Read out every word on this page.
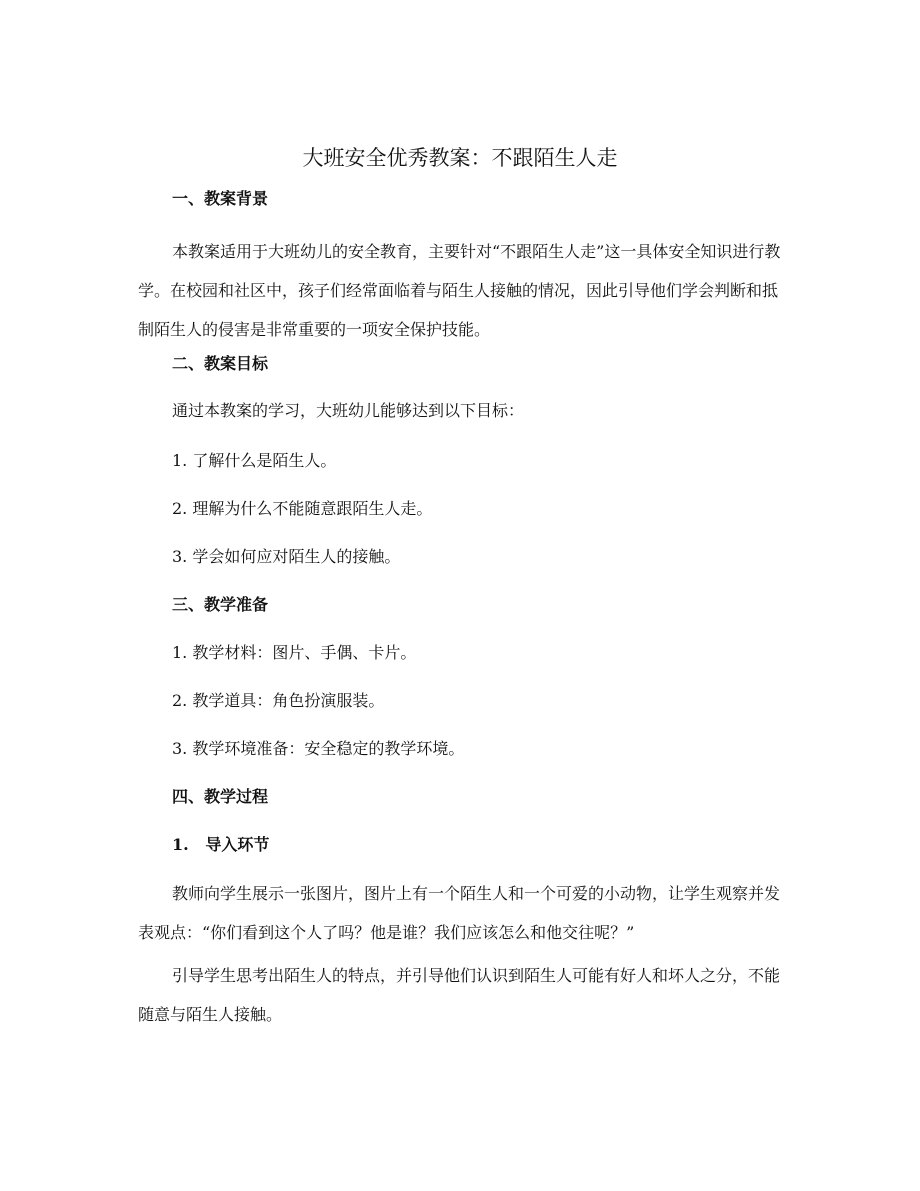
大班安全优秀教案：不跟陌生人走
一、教案背景

本教案适用于大班幼儿的安全教育，主要针对“不跟陌生人走”这一具体安全知识进行教学。在校园和社区中，孩子们经常面临着与陌生人接触的情况，因此引导他们学会判断和抵制陌生人的侵害是非常重要的一项安全保护技能。

二、教案目标

通过本教案的学习，大班幼儿能够达到以下目标：

1. 了解什么是陌生人。

2. 理解为什么不能随意跟陌生人走。

3. 学会如何应对陌生人的接触。

三、教学准备

1. 教学材料：图片、手偶、卡片。

2. 教学道具：角色扮演服装。

3. 教学环境准备：安全稳定的教学环境。

四、教学过程
1.   导入环节

教师向学生展示一张图片，图片上有一个陌生人和一个可爱的小动物，让学生观察并发表观点：“你们看到这个人了吗？他是谁？我们应该怎么和他交往呢？”

引导学生思考出陌生人的特点，并引导他们认识到陌生人可能有好人和坏人之分，不能随意与陌生人接触。
